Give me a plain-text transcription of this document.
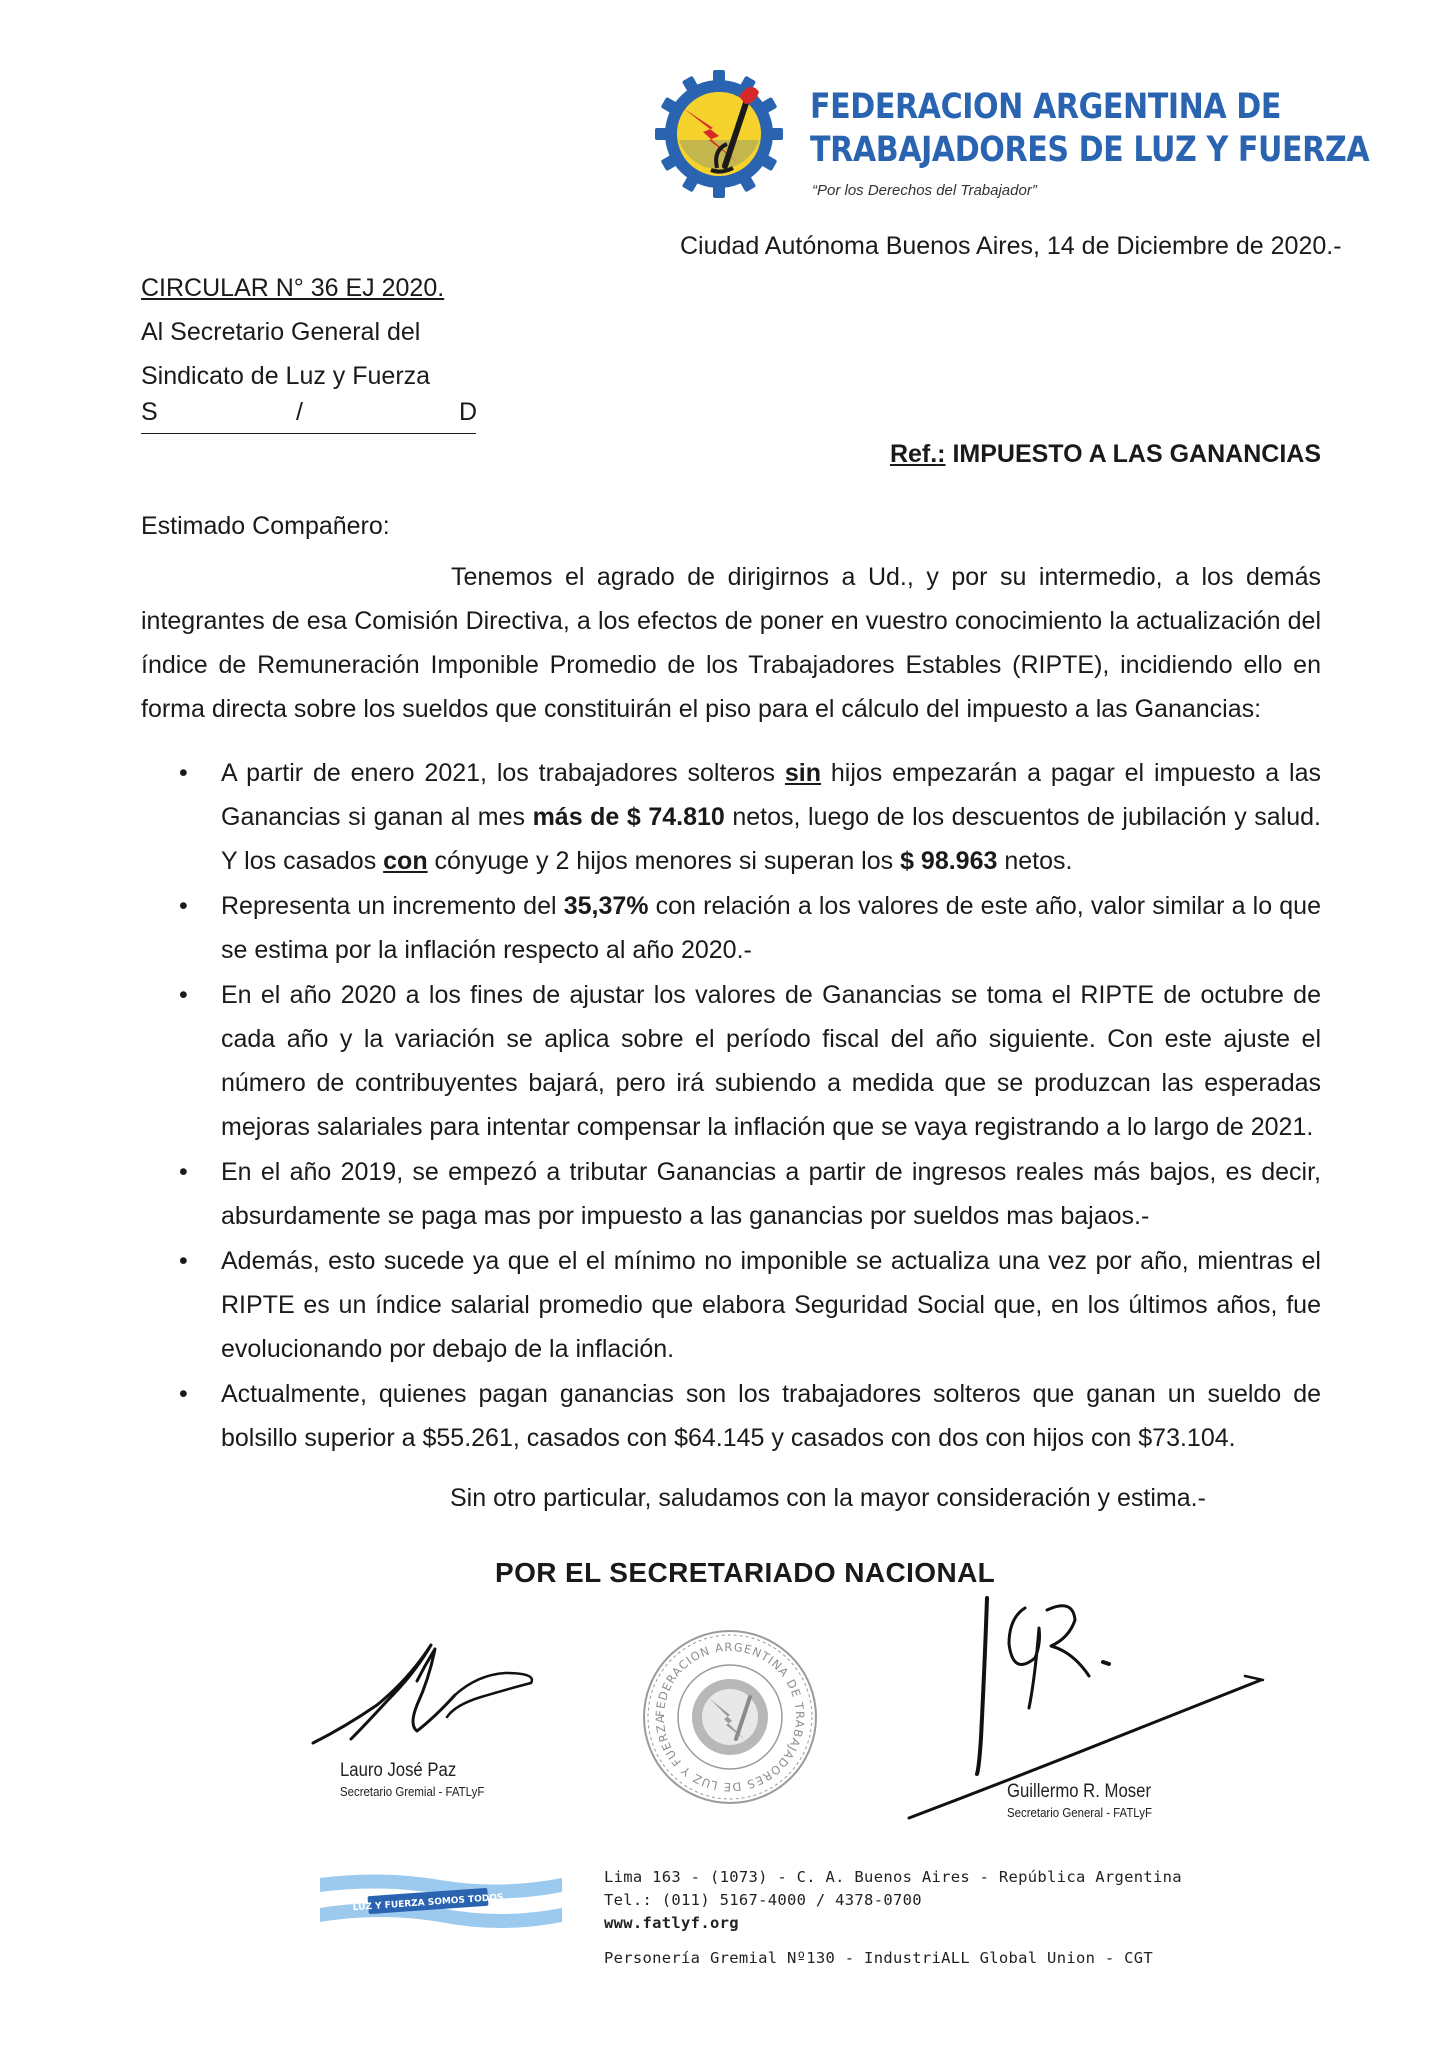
FEDERACION ARGENTINA DE
TRABAJADORES DE LUZ Y FUERZA
“Por los Derechos del Trabajador”
Ciudad Autónoma Buenos Aires, 14 de Diciembre de 2020.-
CIRCULAR N° 36 EJ 2020.
Al Secretario General del
Sindicato de Luz y Fuerza
S	/	D
Ref.: IMPUESTO A LAS GANANCIAS
Estimado Compañero:

Tenemos el agrado de dirigirnos a Ud., y por su intermedio, a los demás integrantes de esa Comisión Directiva, a los efectos de poner en vuestro conocimiento la actualización del índice de Remuneración Imponible Promedio de los Trabajadores Estables (RIPTE), incidiendo ello en forma directa sobre los sueldos que constituirán el piso para el cálculo del impuesto a las Ganancias:

• A partir de enero 2021, los trabajadores solteros sin hijos empezarán a pagar el impuesto a las Ganancias si ganan al mes más de $ 74.810 netos, luego de los descuentos de jubilación y salud. Y los casados con cónyuge y 2 hijos menores si superan los $ 98.963 netos.
• Representa un incremento del 35,37% con relación a los valores de este año, valor similar a lo que se estima por la inflación respecto al año 2020.-
• En el año 2020 a los fines de ajustar los valores de Ganancias se toma el RIPTE de octubre de cada año y la variación se aplica sobre el período fiscal del año siguiente. Con este ajuste el número de contribuyentes bajará, pero irá subiendo a medida que se produzcan las esperadas mejoras salariales para intentar compensar la inflación que se vaya registrando a lo largo de 2021.
• En el año 2019, se empezó a tributar Ganancias a partir de ingresos reales más bajos, es decir, absurdamente se paga mas por impuesto a las ganancias por sueldos mas bajaos.-
• Además, esto sucede ya que el el mínimo no imponible se actualiza una vez por año, mientras el RIPTE es un índice salarial promedio que elabora Seguridad Social que, en los últimos años, fue evolucionando por debajo de la inflación.
• Actualmente, quienes pagan ganancias son los trabajadores solteros que ganan un sueldo de bolsillo superior a $55.261, casados con $64.145 y casados con dos con hijos con $73.104.
Sin otro particular, saludamos con la mayor consideración y estima.-
POR EL SECRETARIADO NACIONAL
FEDERACION ARGENTINA DE TRABAJADORES DE LUZ Y FUERZA
Lauro José Paz
Secretario Gremial - FATLyF	Guillermo R. Moser
Secretario General - FATLyF
LUZ Y FUERZA SOMOS TODOS
Lima 163 - (1073) - C. A. Buenos Aires - República Argentina
Tel.: (011) 5167-4000 / 4378-0700
www.fatlyf.org
Personería Gremial Nº130 - IndustriALL Global Union - CGT
